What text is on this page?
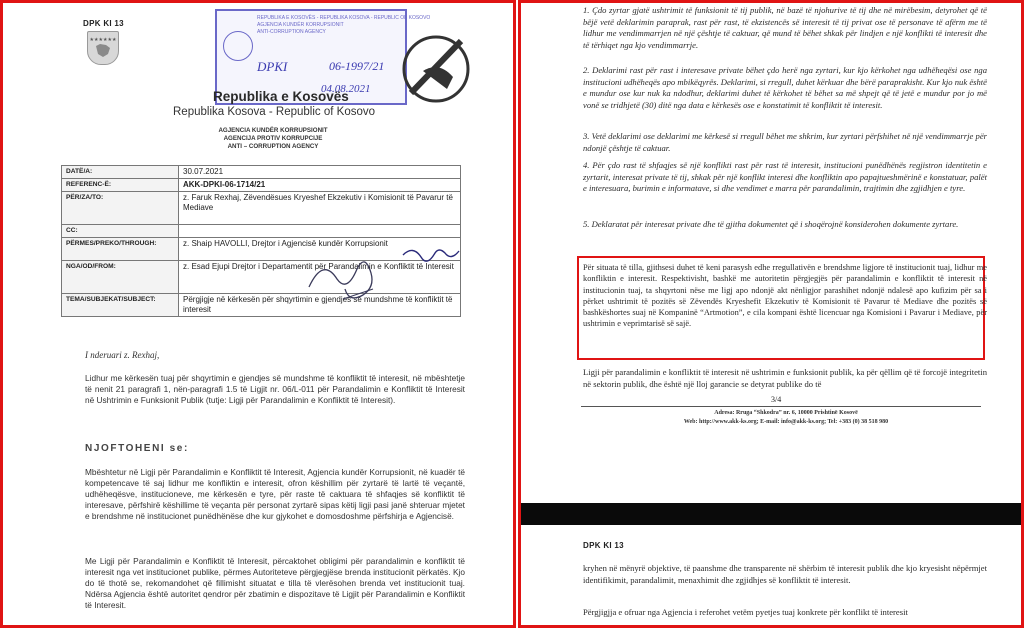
DPK KI 13
★★★★★★
REPUBLIKA E KOSOVËS - REPUBLIKA KOSOVA - REPUBLIC OF KOSOVO
AGJENCIA KUNDËR KORRUPSIONIT
ANTI-CORRUPTION AGENCY
DPKI	06-1997/21
04.08.2021
Republika e Kosovës
Republika Kosova - Republic of Kosovo
AGJENCIA KUNDËR KORRUPSIONIT
AGENCIJA PROTIV KORRUPCIJE
ANTI – CORRUPTION AGENCY
DATË/A:	30.07.2021
REFERENC-Ë:	AKK-DPKI-06-1714/21
PËR/ZA/TO:	z. Faruk Rexhaj, Zëvendësues Kryeshef Ekzekutiv i Komisionit të Pavarur të Mediave
CC:	
PËRMES/PREKO/THROUGH:	z. Shaip HAVOLLI, Drejtor i Agjencisë kundër Korrupsionit
NGA/OD/FROM:	z. Esad Ejupi Drejtor i Departamentit për Parandalimin e Konfliktit të Interesit
TEMA/SUBJEKAT/SUBJECT:	Përgjigje në kërkesën për shqyrtimin e gjendjes së mundshme të konfliktit të interesit
I nderuari z. Rexhaj,
Lidhur me kërkesën tuaj për shqyrtimin e gjendjes së mundshme të konfliktit të interesit, në mbështetje të nenit 21 paragrafi 1, nën-paragrafi 1.5 të Ligjit nr. 06/L-011 për Parandalimin e Konfliktit të Interesit në Ushtrimin e Funksionit Publik (tutje: Ligji për Parandalimin e Konfliktit të Interesit).
NJOFTOHENI se:
Mbështetur në Ligji për Parandalimin e Konfliktit të Interesit, Agjencia kundër Korrupsionit, në kuadër të kompetencave të saj lidhur me konfliktin e interesit, ofron këshillim për zyrtarë të lartë të veçantë, udhëheqësve, institucioneve, me kërkesën e tyre, për raste të caktuara të shfaqjes së konfliktit të interesave, përfshirë këshillime të veçanta për personat zyrtarë sipas këtij ligji pasi janë shteruar mjetet e brendshme në institucionet punëdhënëse dhe kur gjykohet e domosdoshme përfshirja e Agjencisë.
Me Ligji për Parandalimin e Konfliktit të Interesit, përcaktohet obligimi për parandalimin e konfliktit të interesit nga vet institucionet publike, përmes Autoriteteve përgjegjëse brenda institucionit përkatës. Kjo do të thotë se, rekomandohet që fillimisht situatat e tilla të vlerësohen brenda vet institucionit tuaj. Ndërsa Agjencia është autoritet qendror për zbatimin e dispozitave të Ligjit për Parandalimin e Konfliktit të Interesit.
1. Çdo zyrtar gjatë ushtrimit të funksionit të tij publik, në bazë të njohurive të tij dhe në mirëbesim, detyrohet që të bëjë vetë deklarimin paraprak, rast për rast, të ekzistencës së interesit të tij privat ose të personave të afërm me të lidhur me vendimmarrjen në një çështje të caktuar, që mund të bëhet shkak për lindjen e një konflikti të interesit dhe të tërhiqet nga kjo vendimmarrje.
2. Deklarimi rast për rast i interesave private bëhet çdo herë nga zyrtari, kur kjo kërkohet nga udhëheqësi ose nga institucioni udhëheqës apo mbikëqyrës. Deklarimi, si rregull, duhet kërkuar dhe bërë paraprakisht. Kur kjo nuk është e mundur ose kur nuk ka ndodhur, deklarimi duhet të kërkohet të bëhet sa më shpejt që të jetë e mundur por jo më vonë se tridhjetë (30) ditë nga data e kërkesës ose e konstatimit të konfliktit të interesit.
3. Vetë deklarimi ose deklarimi me kërkesë si rregull bëhet me shkrim, kur zyrtari përfshihet në një vendimmarrje për ndonjë çështje të caktuar.
4. Për çdo rast të shfaqjes së një konflikti rast për rast të interesit, institucioni punëdhënës regjistron identitetin e zyrtarit, interesat private të tij, shkak për një konflikt interesi dhe konfliktin apo papajtueshmërinë e konstatuar, palët e interesuara, burimin e informatave, si dhe vendimet e marra për parandalimin, trajtimin dhe zgjidhjen e tyre.
5. Deklaratat për interesat private dhe të gjitha dokumentet që i shoqërojnë konsiderohen dokumente zyrtare.
Për situata të tilla, gjithsesi duhet të keni parasysh edhe rregullativën e brendshme ligjore të institucionit tuaj, lidhur me konfliktin e interesit. Respektivisht, bashkë me autoritetin përgjegjës për parandalimin e konfliktit të interesit në institucionin tuaj, ta shqyrtoni nëse me ligj apo ndonjë akt nënligjor parashihet ndonjë ndalesë apo kufizim për sa i përket ushtrimit të pozitës së Zëvendës Kryeshefit Ekzekutiv të Komisionit të Pavarur të Mediave dhe pozitës së bashkëshortes suaj në Kompaninë “Artmotion”, e cila kompani është licencuar nga Komisioni i Pavarur i Mediave, për ushtrimin e veprimtarisë së sajë.
Ligji për parandalimin e konfliktit të interesit në ushtrimin e funksionit publik, ka për qëllim që të forcojë integritetin në sektorin publik, dhe është një lloj garancie se detyrat publike do të
3/4
Adresa: Rruga “Shkodra” nr. 6, 10000 Prishtinë Kosovë
Web: http://www.akk-ks.org; E-mail: info@akk-ks.org; Tel: +383 (0) 38 518 980
DPK KI 13
kryhen në mënyrë objektive, të paanshme dhe transparente në shërbim të interesit publik dhe kjo kryesisht nëpërmjet identifikimit, parandalimit, menaxhimit dhe zgjidhjes së konfliktit të interesit.
Përgjigjja e ofruar nga Agjencia i referohet vetëm pyetjes tuaj konkrete për konflikt të interesit
